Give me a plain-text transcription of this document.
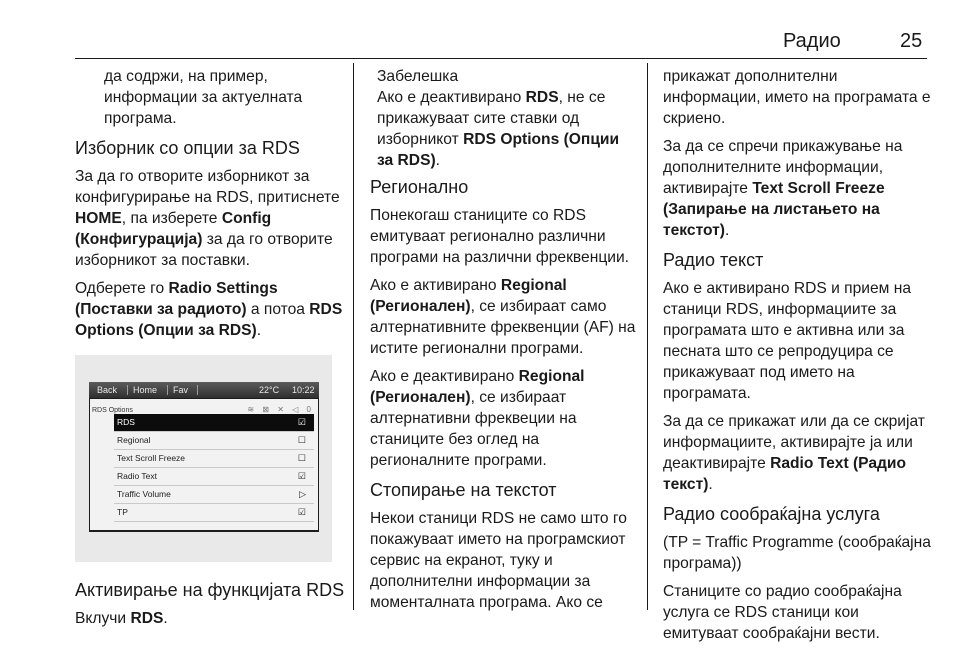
Радио	25

да содржи, на пример, информации за актуелната програма.

Изборник со опции за RDS

За да го отворите изборникот за конфигурирање на RDS, притиснете HOME, па изберете Config (Конфигурација) за да го отворите изборникот за поставки.

Одберете го Radio Settings (Поставки за радиото) а потоа RDS Options (Опции за RDS).

Back Home Fav	22°C 10:22
RDS Options	≋ ⊠ ✕ ◁ 0
RDS	☑
Regional	☐
Text Scroll Freeze	☐
Radio Text	☑
Traffic Volume	▷
TP	☑
Активирање на функцијата RDS

Вклучи RDS.

Забелешка
Ако е деактивирано RDS, не се прикажуваат сите ставки од изборникот RDS Options (Опции за RDS).

Регионално

Понекогаш станиците со RDS емитуваат регионално различни програми на различни фреквенции.

Ако е активирано Regional (Регионален), се избираат само алтернативните фреквенции (AF) на истите регионални програми.

Ако е деактивирано Regional (Регионален), се избираат алтернативни фреквеции на станиците без оглед на регионалните програми.

Стопирање на текстот

Некои станици RDS не само што го покажуваат името на програмскиот сервис на екранот, туку и дополнителни информации за моменталната програма. Ако се

прикажат дополнителни информации, името на програмата е скриено.

За да се спречи прикажување на дополнителните информации, активирајте Text Scroll Freeze (Запирање на листањето на текстот).

Радио текст

Ако е активирано RDS и прием на станици RDS, информациите за програмата што е активна или за песната што се репродуцира се прикажуваат под името на програмата.

За да се прикажат или да се скријат информациите, активирајте ја или деактивирајте Radio Text (Радио текст).

Радио сообраќајна услуга

(TP = Traffic Programme (сообраќајна програма))

Станиците со радио сообраќајна услуга се RDS станици кои емитуваат сообраќајни вести.
